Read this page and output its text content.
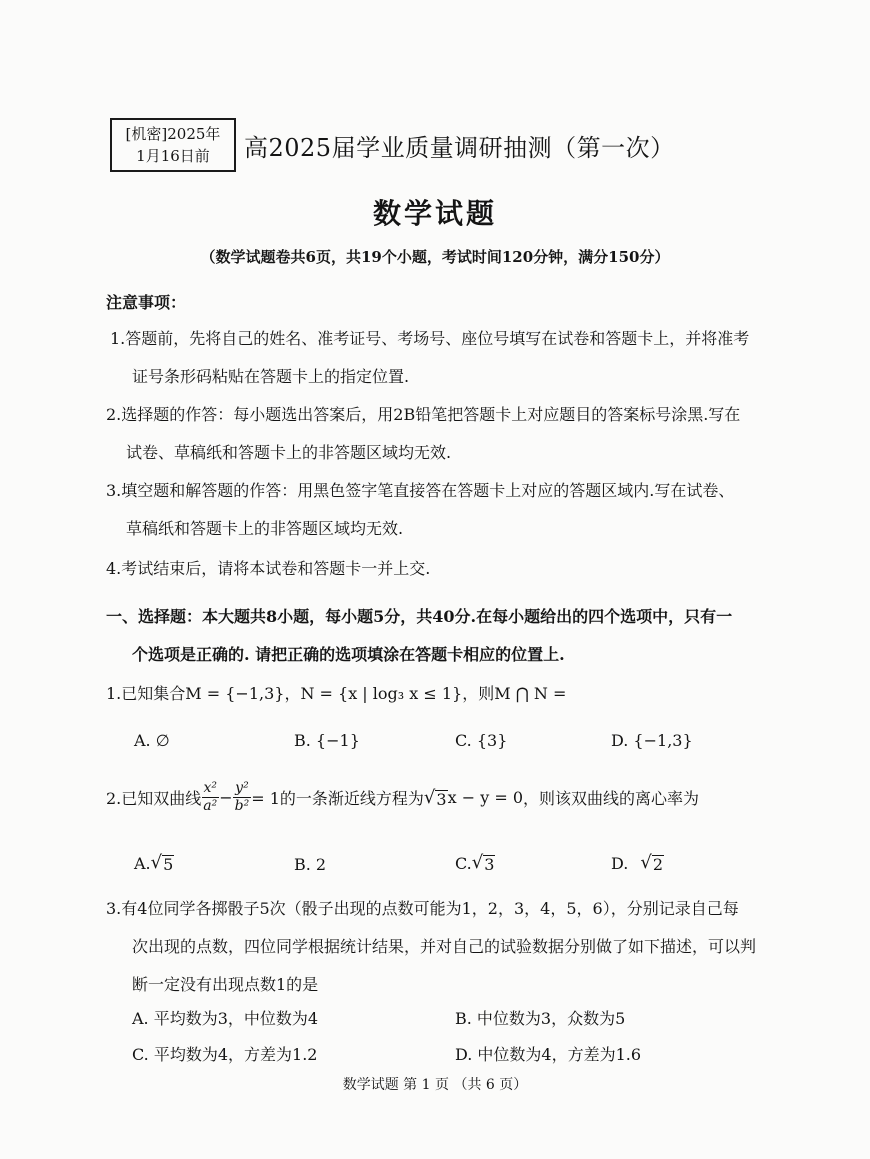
[机密]2025年
1月16日前	高2025届学业质量调研抽测（第一次）
数学试题
（数学试题卷共6页，共19个小题，考试时间120分钟，满分150分）
注意事项：
1.答题前，先将自己的姓名、准考证号、考场号、座位号填写在试卷和答题卡上，并将准考
证号条形码粘贴在答题卡上的指定位置.
2.选择题的作答：每小题选出答案后，用2B铅笔把答题卡上对应题目的答案标号涂黑.写在
试卷、草稿纸和答题卡上的非答题区域均无效.
3.填空题和解答题的作答：用黑色签字笔直接答在答题卡上对应的答题区域内.写在试卷、
草稿纸和答题卡上的非答题区域均无效.
4.考试结束后，请将本试卷和答题卡一并上交.
一、选择题：本大题共8小题，每小题5分，共40分.在每小题给出的四个选项中，只有一
个选项是正确的. 请把正确的选项填涂在答题卡相应的位置上.
1.已知集合M = {−1,3}，N = {x | log₃ x ≤ 1}，则M ⋂ N =
A. ∅	B. {−1}	C. {3}	D. {−1,3}
2.已知双曲线 $\frac{\text{x²}}{\text{a²}} - \frac{\text{y²}}{\text{b²}} = 1$的一条渐近线方程为 √ 3 x − y = 0 ，则该双曲线的离心率为
A. √ 5	B. 2	C. √ 3	D. √ 2
3.有4位同学各掷骰子5次（骰子出现的点数可能为1，2，3，4，5，6），分别记录自己每
次出现的点数，四位同学根据统计结果，并对自己的试验数据分别做了如下描述，可以判
断一定没有出现点数1的是
A. 平均数为3，中位数为4	B. 中位数为3，众数为5
C. 平均数为4，方差为1.2	D. 中位数为4，方差为1.6
数学试题 第 1 页 （共 6 页）
